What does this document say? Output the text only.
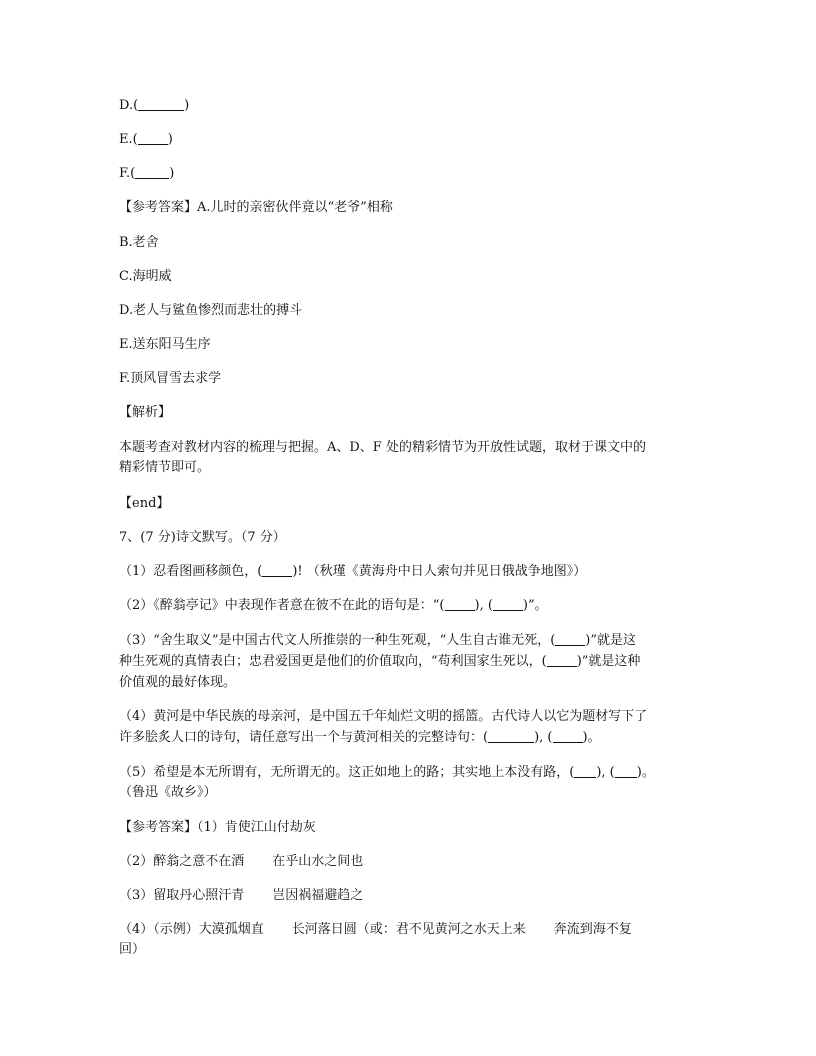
D.(	)
E.( )
F.(	)
【参考答案】A.儿时的亲密伙伴竟以“老爷”相称
B.老舍
C.海明威
D.老人与鲨鱼惨烈而悲壮的搏斗
E.送东阳马生序
F.顶风冒雪去求学
【解析】
本题考查对教材内容的梳理与把握。A、D、F 处的精彩情节为开放性试题，取材于课文中的
精彩情节即可。
【end】
7、(7 分)诗文默写。（7 分）
（1）忍看图画移颜色，( )! （秋瑾《黄海舟中日人索句并见日俄战争地图》）
（2）《醉翁亭记》中表现作者意在彼不在此的语句是：“( ), ( )”。
（3）“舍生取义”是中国古代文人所推崇的一种生死观，“人生自古谁无死，( )”就是这
种生死观的真情表白；忠君爱国更是他们的价值取向，“苟利国家生死以，( )”就是这种
价值观的最好体现。
（4）黄河是中华民族的母亲河，是中国五千年灿烂文明的摇篮。古代诗人以它为题材写下了
许多脍炙人口的诗句，请任意写出一个与黄河相关的完整诗句：(	), ( )。
（5）希望是本无所谓有，无所谓无的。这正如地上的路；其实地上本没有路，( ), ( )。
（鲁迅《故乡》）
【参考答案】（1）肯使江山付劫灰
（2）醉翁之意不在酒 在乎山水之间也
（3）留取丹心照汗青 岂因祸福避趋之
（4）（示例）大漠孤烟直 长河落日圆（或：君不见黄河之水天上来 奔流到海不复
回）
